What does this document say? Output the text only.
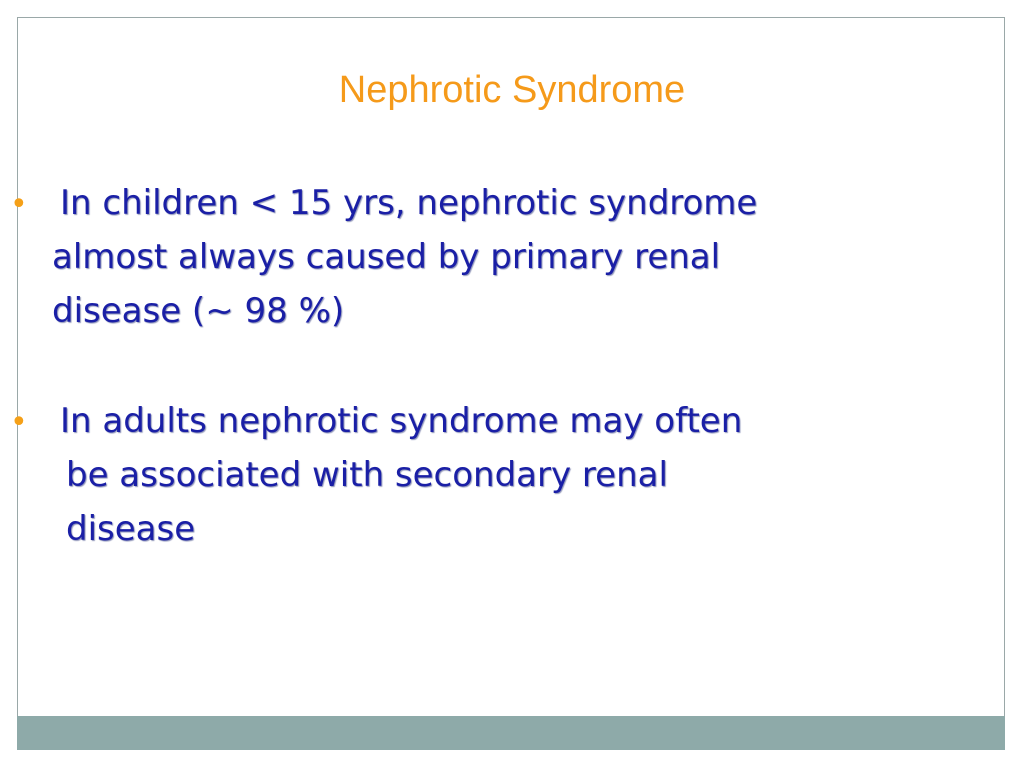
Nephrotic Syndrome
• In children < 15 yrs, nephrotic syndrome
almost always caused by primary renal
disease (~ 98 %)
• In adults nephrotic syndrome may often
be associated with secondary renal
disease
